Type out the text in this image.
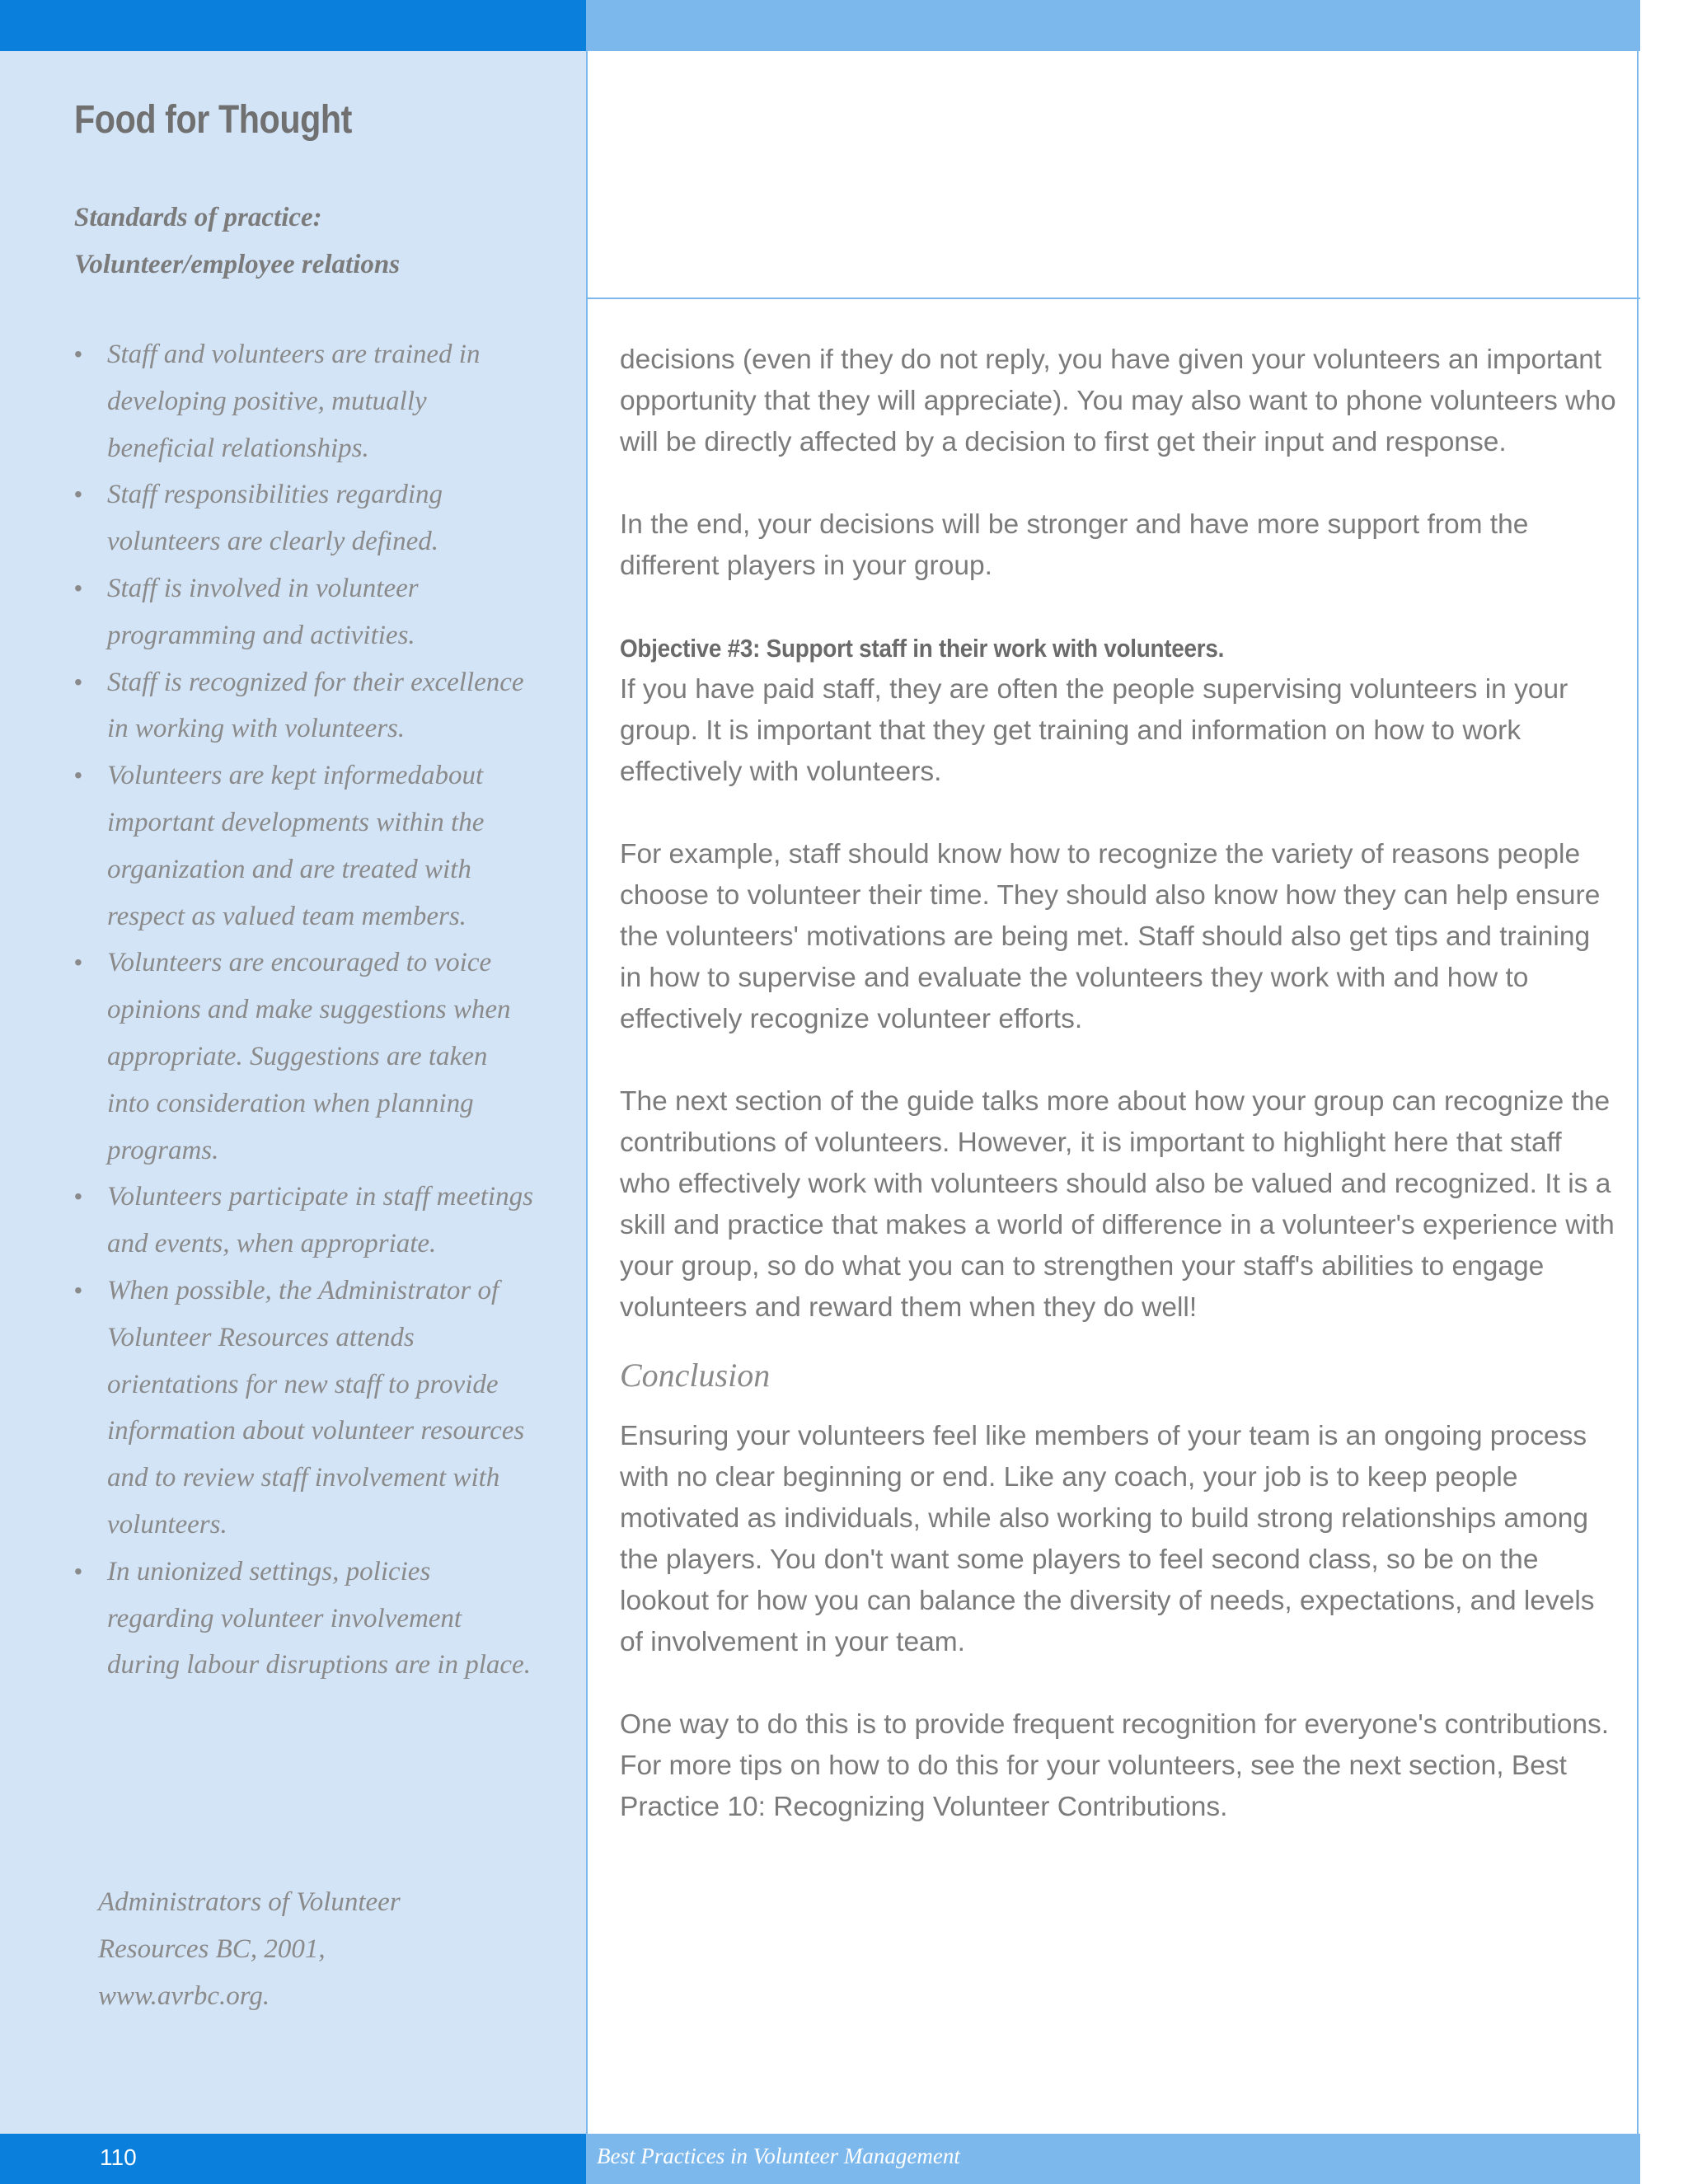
Food for Thought
Standards of practice:
Volunteer/employee relations
• Staff and volunteers are trained in developing positive, mutually beneficial relationships.
• Staff responsibilities regarding volunteers are clearly defined.
• Staff is involved in volunteer programming and activities.
• Staff is recognized for their excellence in working with volunteers.
• Volunteers are kept informedabout important developments within the organization and are treated with respect as valued team members.
• Volunteers are encouraged to voice opinions and make suggestions when appropriate. Suggestions are taken into consideration when planning programs.
• Volunteers participate in staff meetings and events, when appropriate.
• When possible, the Administrator of Volunteer Resources attends orientations for new staff to provide information about volunteer resources and to review staff involvement with volunteers.
• In unionized settings, policies regarding volunteer involvement during labour disruptions are in place.
Administrators of Volunteer
Resources BC, 2001,
www.avrbc.org.

decisions (even if they do not reply, you have given your volunteers an important opportunity that they will appreciate). You may also want to phone volunteers who will be directly affected by a decision to first get their input and response.

In the end, your decisions will be stronger and have more support from the different players in your group.

Objective #3: Support staff in their work with volunteers.
If you have paid staff, they are often the people supervising volunteers in your group. It is important that they get training and information on how to work effectively with volunteers.

For example, staff should know how to recognize the variety of reasons people choose to volunteer their time. They should also know how they can help ensure the volunteers' motivations are being met. Staff should also get tips and training in how to supervise and evaluate the volunteers they work with and how to effectively recognize volunteer efforts.

The next section of the guide talks more about how your group can recognize the contributions of volunteers. However, it is important to highlight here that staff who effectively work with volunteers should also be valued and recognized. It is a skill and practice that makes a world of difference in a volunteer's experience with your group, so do what you can to strengthen your staff's abilities to engage volunteers and reward them when they do well!

Conclusion

Ensuring your volunteers feel like members of your team is an ongoing process with no clear beginning or end. Like any coach, your job is to keep people motivated as individuals, while also working to build strong relationships among the players. You don't want some players to feel second class, so be on the lookout for how you can balance the diversity of needs, expectations, and levels of involvement in your team.

One way to do this is to provide frequent recognition for everyone's contributions. For more tips on how to do this for your volunteers, see the next section, Best Practice 10: Recognizing Volunteer Contributions.

110	Best Practices in Volunteer Management
